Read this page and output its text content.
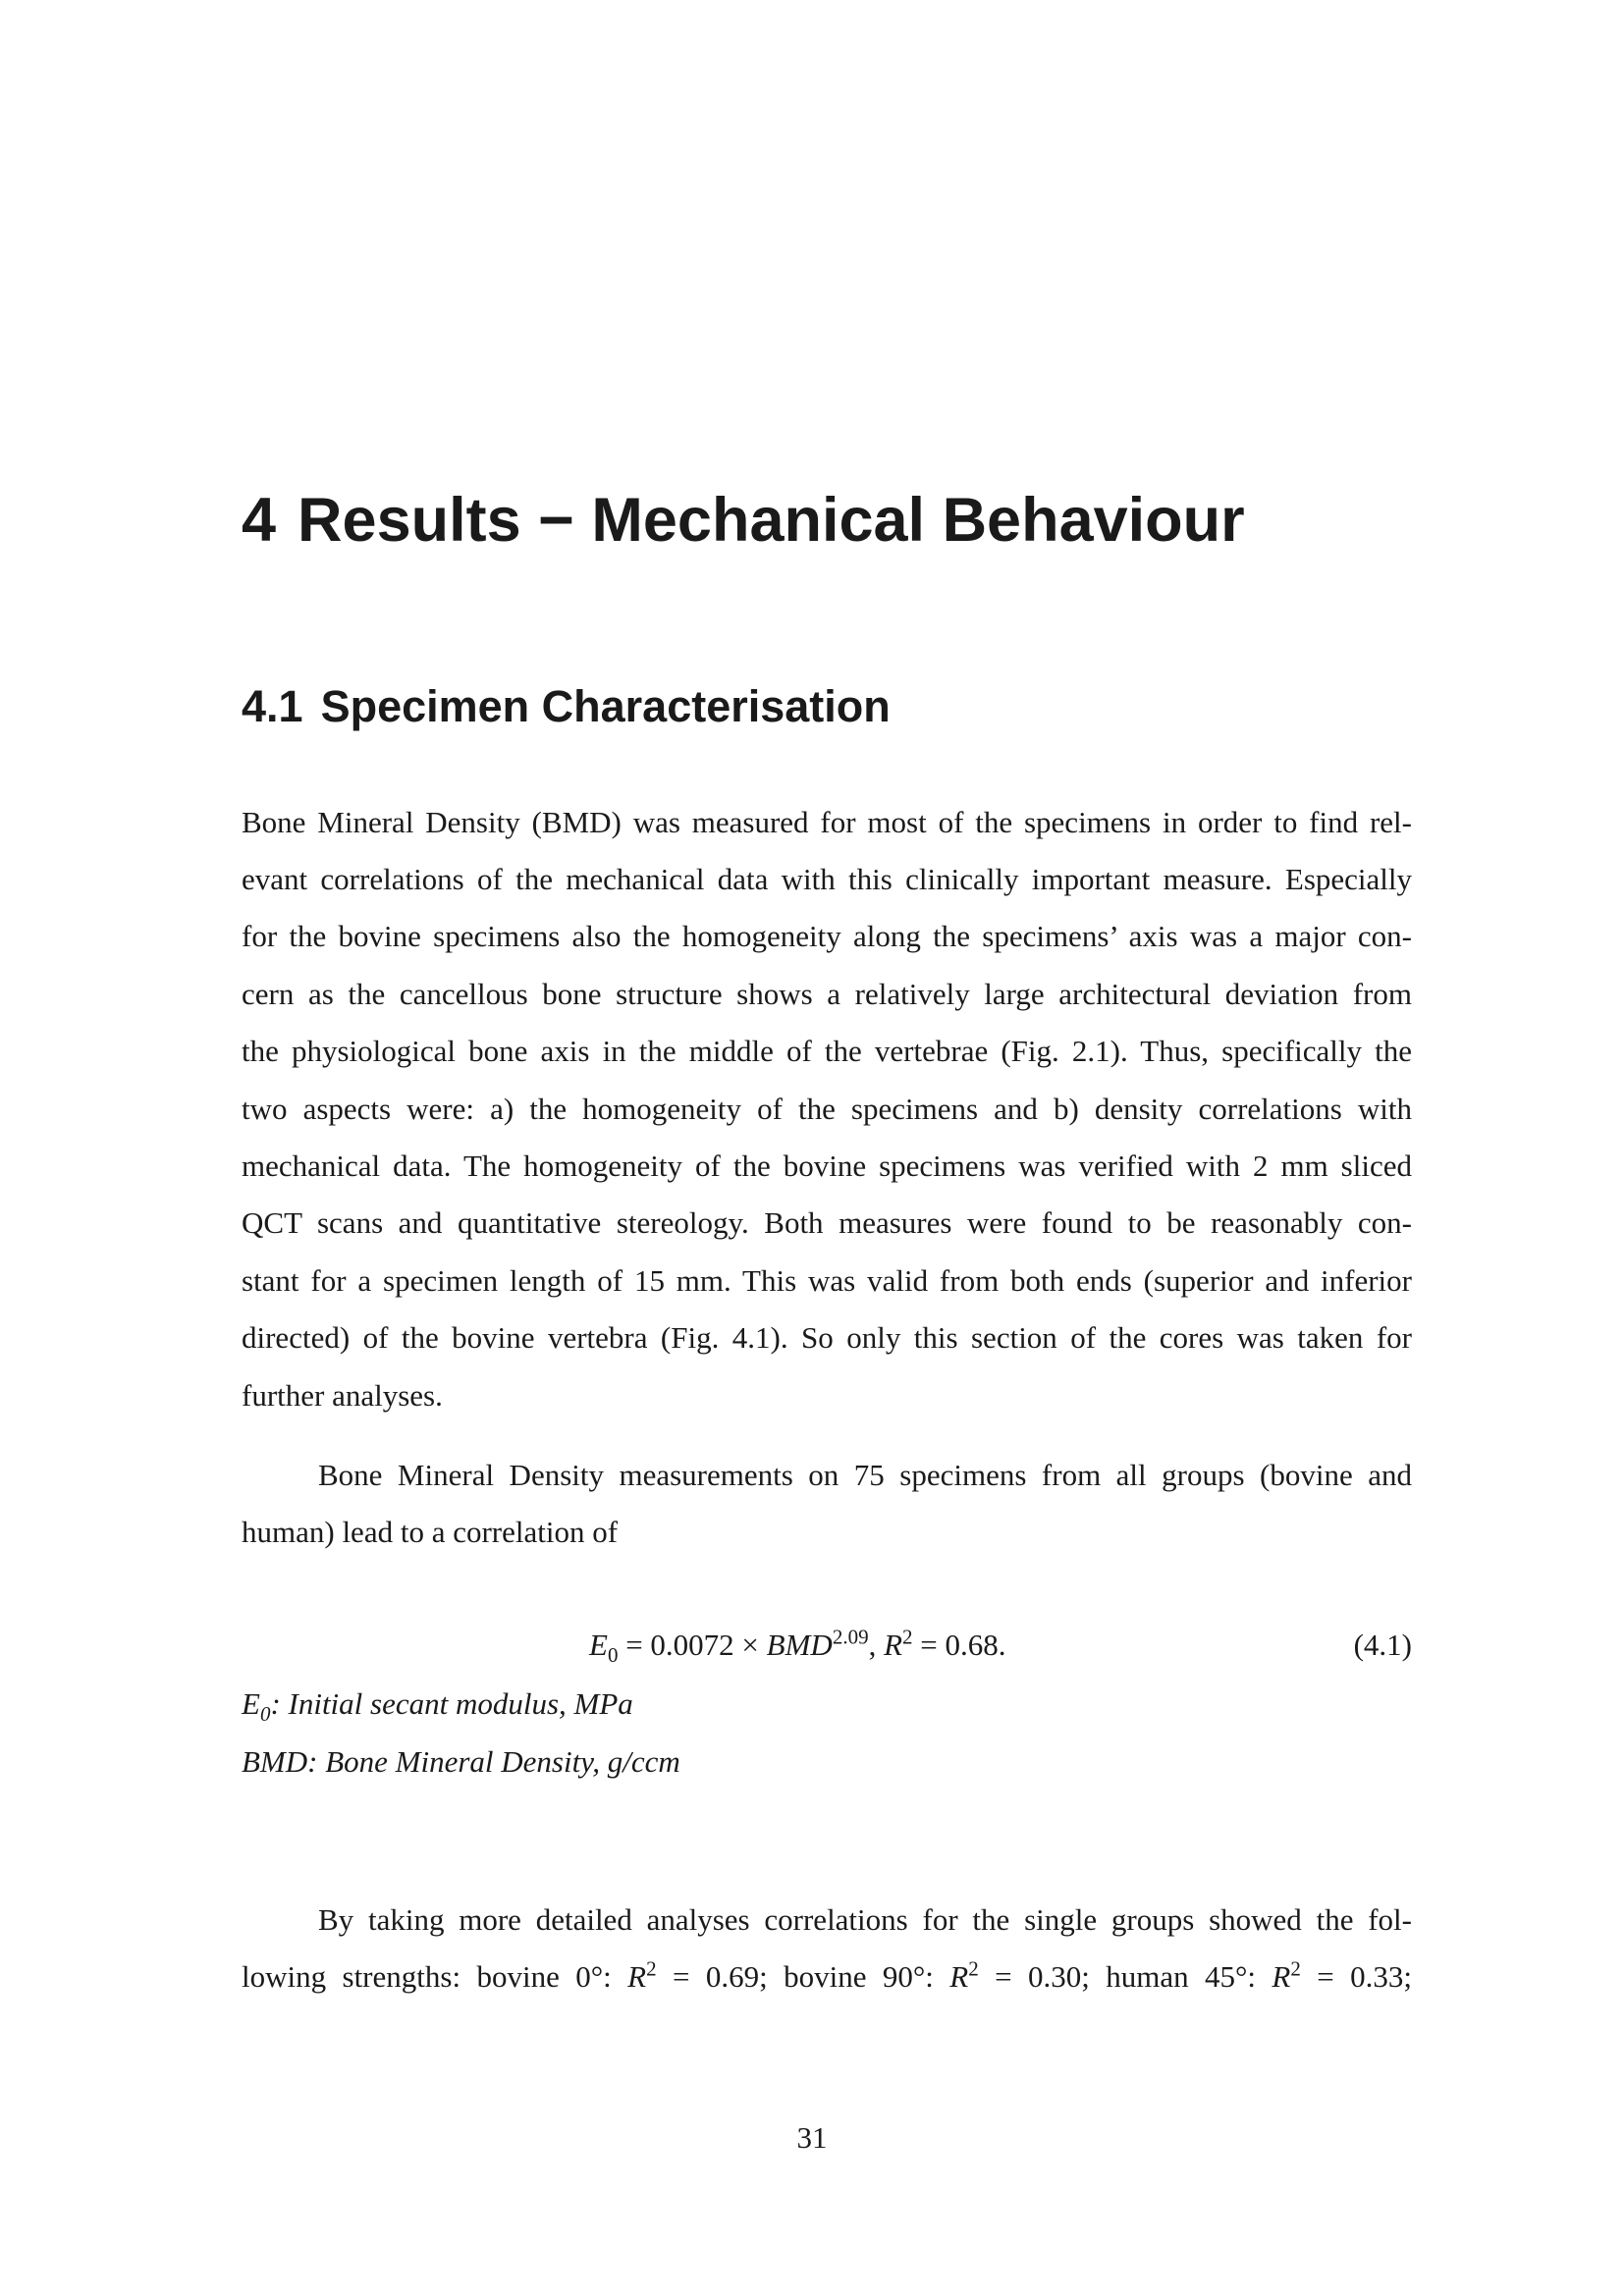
4 Results − Mechanical Behaviour
4.1 Specimen Characterisation
Bone Mineral Density (BMD) was measured for most of the specimens in order to find rel-
evant correlations of the mechanical data with this clinically important measure. Especially
for the bovine specimens also the homogeneity along the specimens’ axis was a major con-
cern as the cancellous bone structure shows a relatively large architectural deviation from
the physiological bone axis in the middle of the vertebrae (Fig. 2.1). Thus, specifically the
two aspects were: a) the homogeneity of the specimens and b) density correlations with
mechanical data. The homogeneity of the bovine specimens was verified with 2 mm sliced
QCT scans and quantitative stereology. Both measures were found to be reasonably con-
stant for a specimen length of 15 mm. This was valid from both ends (superior and inferior
directed) of the bovine vertebra (Fig. 4.1). So only this section of the cores was taken for
further analyses.
Bone Mineral Density measurements on 75 specimens from all groups (bovine and
human) lead to a correlation of
$E_0 = 0.0072 \times BMD^{2.09}$, $R^2 = 0.68$.	(4.1)
$E_0$: Initial secant modulus, MPa
BMD: Bone Mineral Density, g/ccm
By taking more detailed analyses correlations for the single groups showed the fol-
lowing strengths: bovine 0°: $R^2 = 0.69$; bovine 90°: $R^2 = 0.30$; human 45°: $R^2 = 0.33$;
31
